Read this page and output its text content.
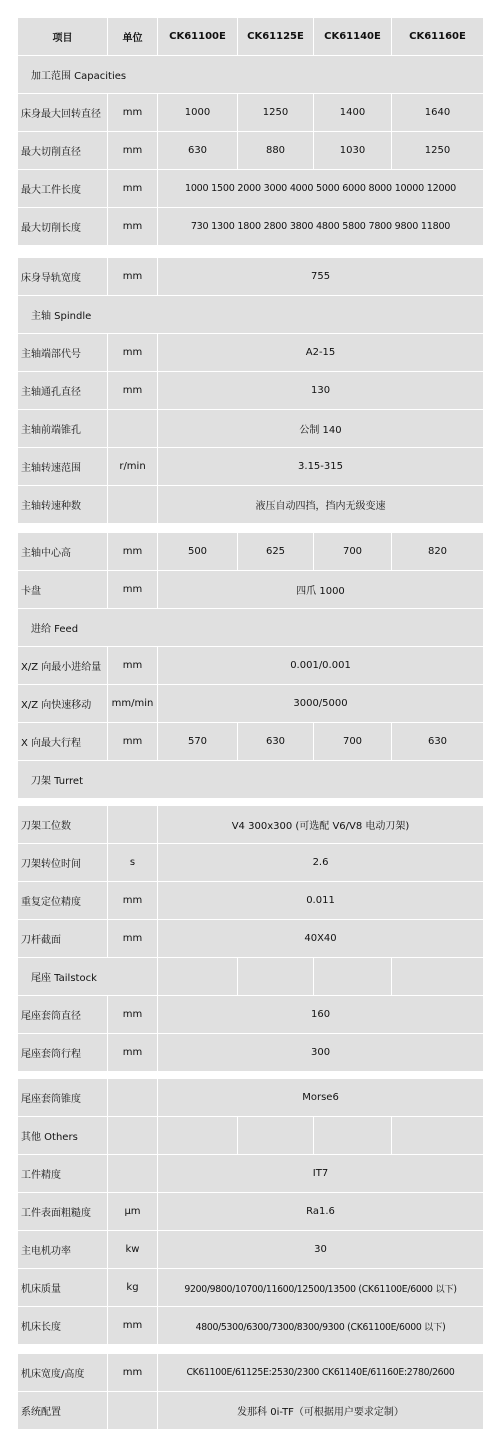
项目	单位	CK61100E	CK61125E	CK61140E	CK61160E
加工范围 Capacities					
床身最大回转直径	mm	1000	1250	1400	1640
最大切削直径	mm	630	880	1030	1250
最大工件长度	mm	1000 1500 2000 3000 4000 5000 6000 8000 10000 12000			
最大切削长度	mm	730 1300 1800 2800 3800 4800 5800 7800 9800 11800			
床身导轨宽度	mm	755
主轴 Spindle		
主轴端部代号	mm	A2-15
主轴通孔直径	mm	130
主轴前端锥孔		公制 140
主轴转速范围	r/min	3.15-315
主轴转速种数		液压自动四挡，挡内无级变速
主轴中心高	mm	500	625	700	820
卡盘	mm	四爪 1000			
进给 Feed					
X/Z 向最小进给量	mm	0.001/0.001			
X/Z 向快速移动	mm/min	3000/5000			
X 向最大行程	mm	570	630	700	630
刀架 Turret					
刀架工位数		V4 300x300 (可选配 V6/V8 电动刀架)			
刀架转位时间	s	2.6			
重复定位精度	mm	0.011			
刀杆截面	mm	40X40			
尾座 Tailstock					
尾座套筒直径	mm	160			
尾座套筒行程	mm	300			
尾座套筒锥度		Morse6			
其他 Others					
工件精度		IT7			
工件表面粗糙度	μm	Ra1.6			
主电机功率	kw	30			
机床质量	kg	9200/9800/10700/11600/12500/13500 (CK61100E/6000 以下)			
机床长度	mm	4800/5300/6300/7300/8300/9300 (CK61100E/6000 以下)			
机床宽度/高度	mm	CK61100E/61125E:2530/2300 CK61140E/61160E:2780/2600
系统配置		发那科 0i-TF（可根据用户要求定制）
